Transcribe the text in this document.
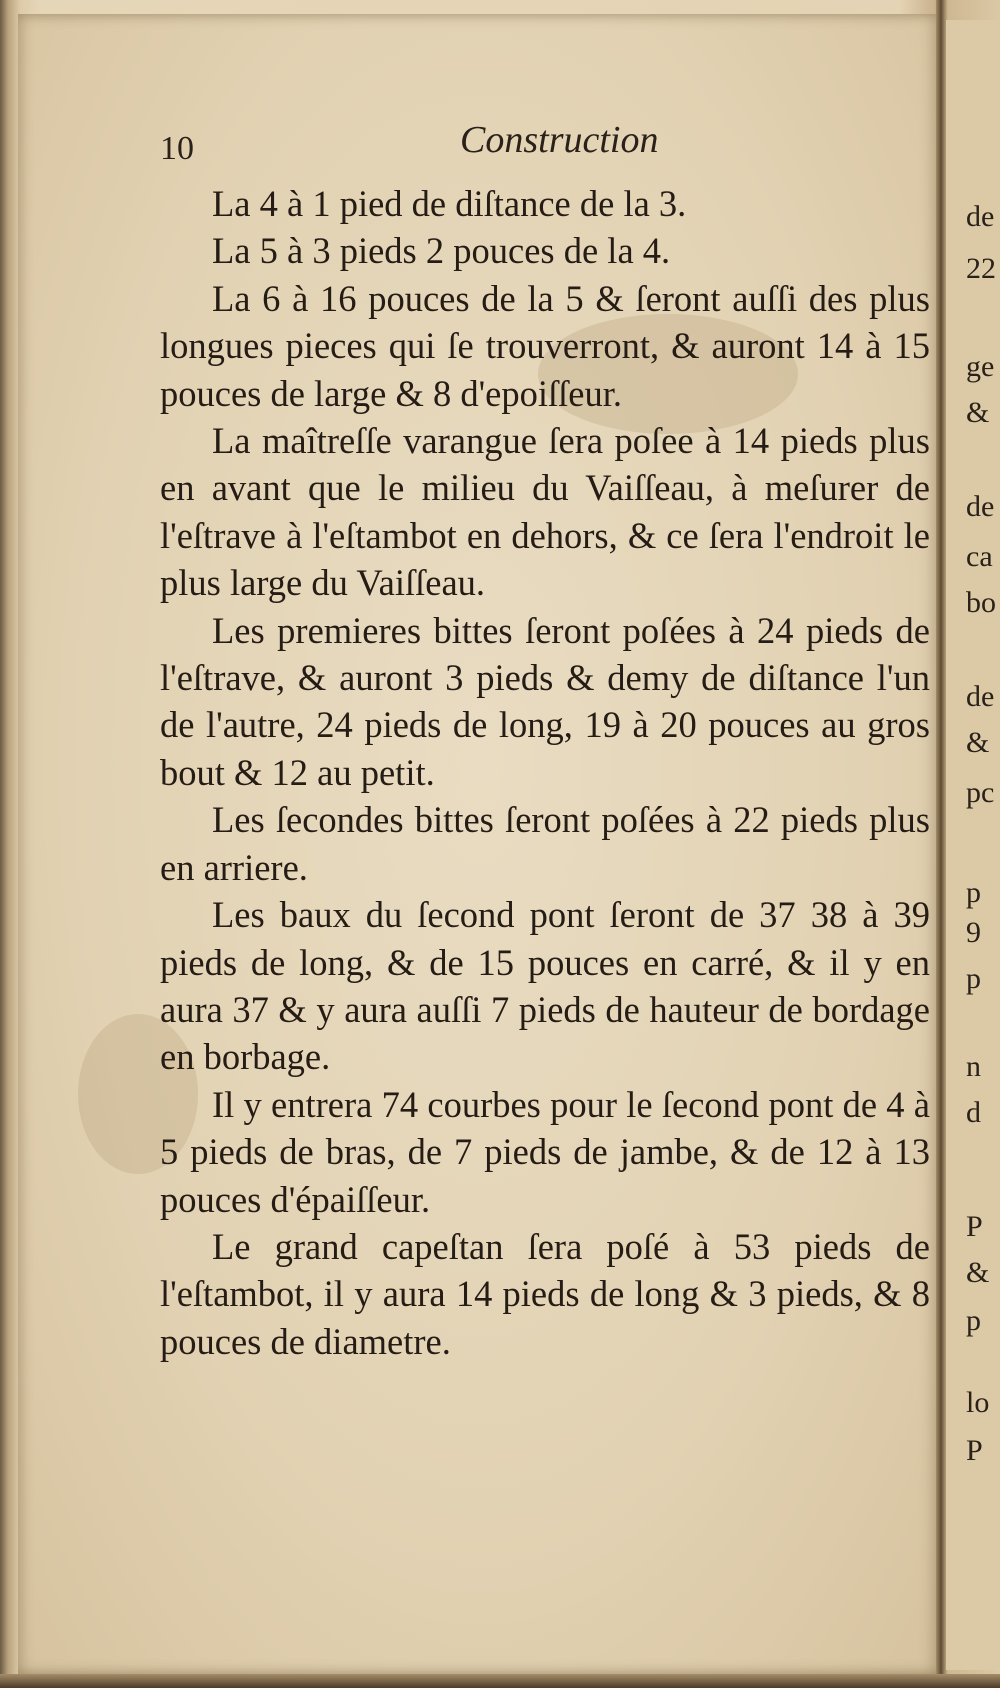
10	Construction

La 4 à 1 pied de diſtance de la 3.

La 5 à 3 pieds 2 pouces de la 4.

La 6 à 16 pouces de la 5 & ſeront auſſi des plus longues pieces qui ſe trouverront, & auront 14 à 15 pouces de large & 8 d'epoiſſeur.

La maîtreſſe varangue ſera poſee à 14 pieds plus en avant que le milieu du Vaiſſeau, à meſurer de l'eſtrave à l'eſtambot en dehors, & ce ſera l'endroit le plus large du Vaiſſeau.

Les premieres bittes ſeront poſées à 24 pieds de l'eſtrave, & auront 3 pieds & demy de diſtance l'un de l'autre, 24 pieds de long, 19 à 20 pouces au gros bout & 12 au petit.

Les ſecondes bittes ſeront poſées à 22 pieds plus en arriere.

Les baux du ſecond pont ſeront de 37 38 à 39 pieds de long, & de 15 pouces en carré, & il y en aura 37 & y aura auſſi 7 pieds de hauteur de bordage en borbage.

Il y entrera 74 courbes pour le ſecond pont de 4 à 5 pieds de bras, de 7 pieds de jambe, & de 12 à 13 pouces d'épaiſſeur.

Le grand capeſtan ſera poſé à 53 pieds de l'eſtambot, il y aura 14 pieds de long & 3 pieds, & 8 pouces de diametre.

de
22
ge
&
de
ca
bo
de
&
pc
p
9
p
n
d
P
&
p
lo
P
